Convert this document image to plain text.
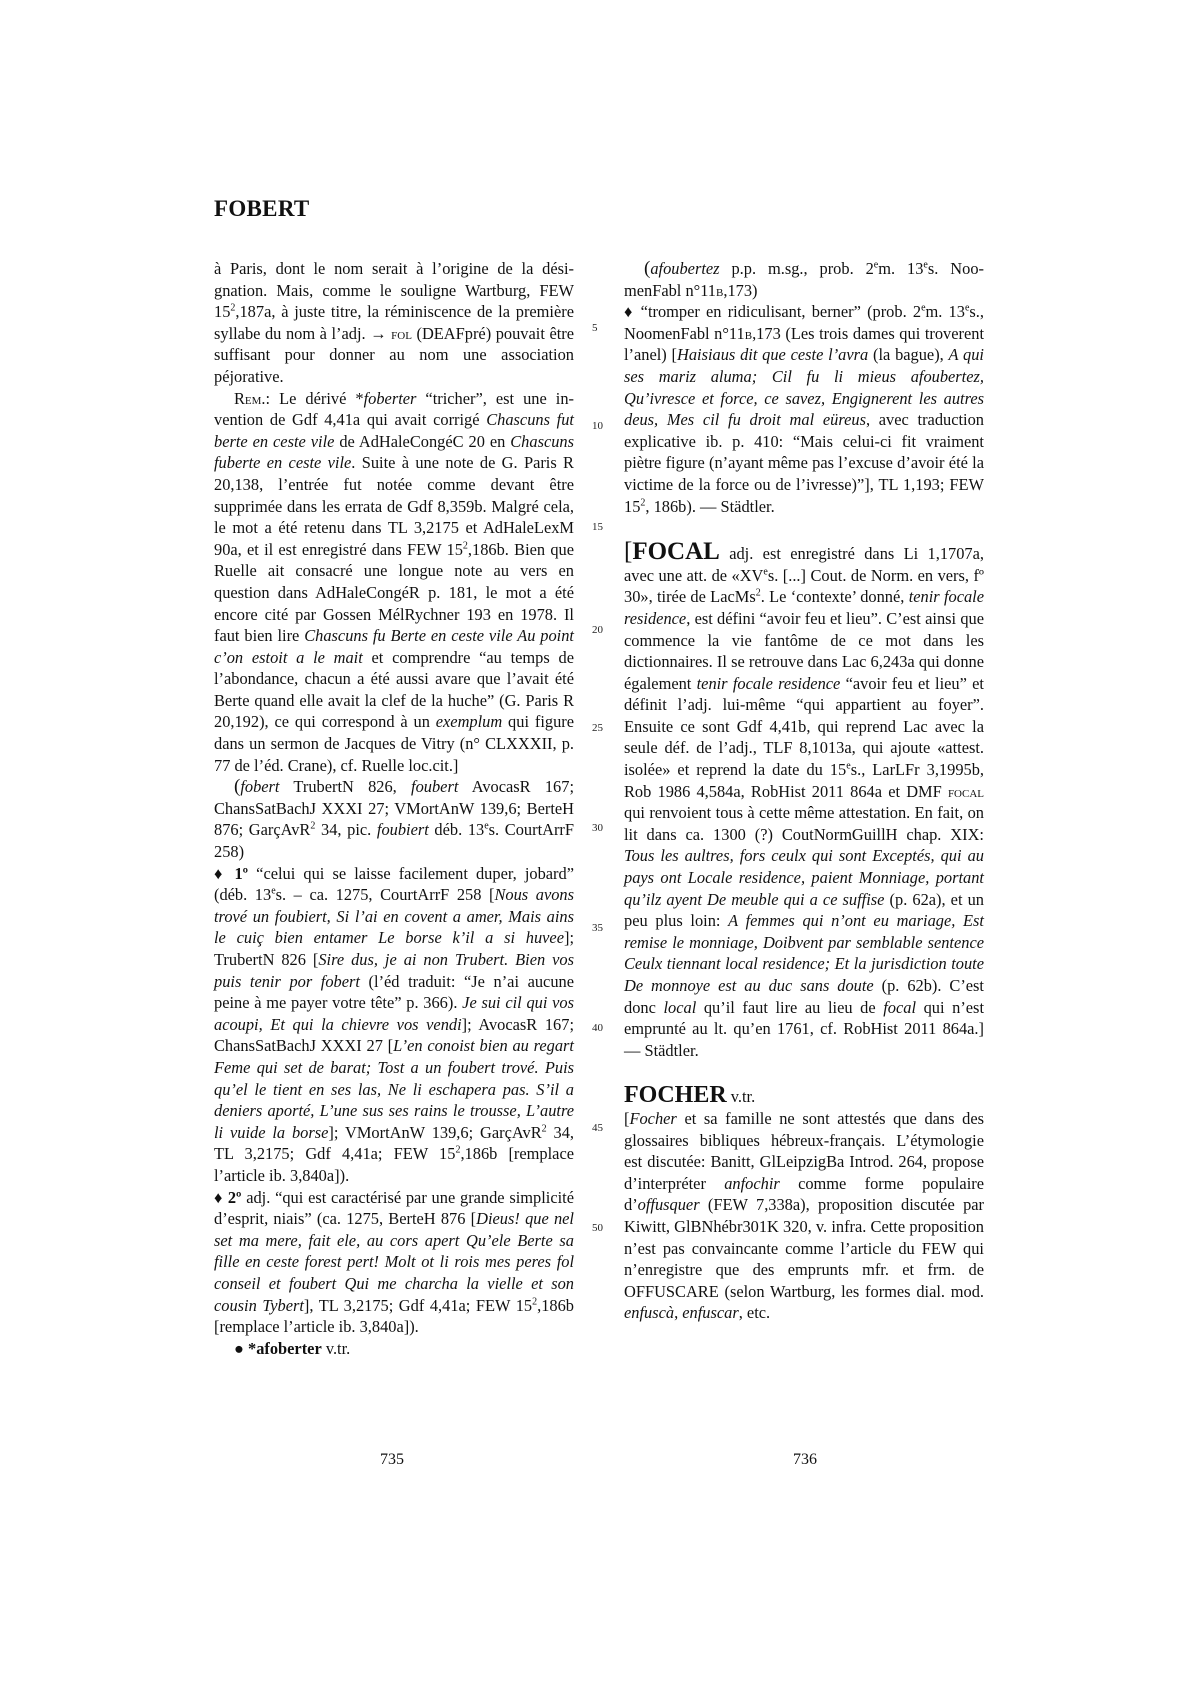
FOBERT
5
10
15
20
25
30
35
40
45
50

à Paris, dont le nom serait à l’origine de la désignation. Mais, comme le souligne Wartburg, FEW $15^2,187a$, à juste titre, la réminiscence de la première syllabe du nom à l’adj. → fol (DEAFpré) pouvait être suffisant pour donner au nom une association péjorative.

Rem.: Le dérivé *foberter “tricher”, est une invention de Gdf 4,41a qui avait corrigé Chascuns fut berte en ceste vile de AdHaleCongéC 20 en Chascuns fuberte en ceste vile. Suite à une note de G. Paris R 20,138, l’entrée fut notée comme devant être supprimée dans les errata de Gdf 8,359b. Malgré cela, le mot a été retenu dans TL 3,2175 et AdHaleLexM 90a, et il est enregistré dans FEW $15^2,186b$. Bien que Ruelle ait consacré une longue note au vers en question dans AdHaleCongéR p. 181, le mot a été encore cité par Gossen MélRychner 193 en 1978. Il faut bien lire Chascuns fu Berte en ceste vile Au point c’on estoit a le mait et comprendre “au temps de l’abondance, chacun a été aussi avare que l’avait été Berte quand elle avait la clef de la huche” (G. Paris R 20,192), ce qui correspond à un exemplum qui figure dans un sermon de Jacques de Vitry (n° CLXXXII, p. 77 de l’éd. Crane), cf. Ruelle loc.cit.]

(fobert TrubertN 826, foubert AvocasR 167; ChansSatBachJ XXXI 27; VMortAnW 139,6; BerteH 876; GarçAvR$^2$ 34, pic. foubiert déb. 13es. CourtArrF 258)

♦ 1º “celui qui se laisse facilement duper, jobard” (déb. 13es. – ca. 1275, CourtArrF 258 [Nous avons trové un foubiert, Si l’ai en covent a amer, Mais ains le cuiç bien entamer Le borse k’il a si huvee]; TrubertN 826 [Sire dus, je ai non Trubert. Bien vos puis tenir por fobert (l’éd traduit: “Je n’ai aucune peine à me payer votre tête” p. 366). Je sui cil qui vos acoupi, Et qui la chievre vos vendi]; AvocasR 167; ChansSatBachJ XXXI 27 [L’en conoist bien au regart Feme qui set de barat; Tost a un foubert trové. Puis qu’el le tient en ses las, Ne li eschapera pas. S’il a deniers aporté, L’une sus ses rains le trousse, L’autre li vuide la borse]; VMortAnW 139,6; GarçAvR$^2$ 34, TL 3,2175; Gdf 4,41a; FEW $15^2,186b$ [remplace l’article ib. 3,840a]).

♦ 2º adj. “qui est caractérisé par une grande simplicité d’esprit, niais” (ca. 1275, BerteH 876 [Dieus! que nel set ma mere, fait ele, au cors apert Qu’ele Berte sa fille en ceste forest pert! Molt ot li rois mes peres fol conseil et foubert Qui me charcha la vielle et son cousin Tybert], TL 3,2175; Gdf 4,41a; FEW $15^2,186b$ [remplace l’article ib. 3,840a]).

● *afoberter v.tr.

(afoubertez p.p. m.sg., prob. 2em. 13es. NoomenFabl n°11b,173)

♦ “tromper en ridiculisant, berner” (prob. 2em. 13es., NoomenFabl n°11b,173 (Les trois dames qui troverent l’anel) [Haisiaus dit que ceste l’avra (la bague), A qui ses mariz aluma; Cil fu li mieus afoubertez, Qu’ivresce et force, ce savez, Engignerent les autres deus, Mes cil fu droit mal eüreus, avec traduction explicative ib. p. 410: “Mais celui-ci fit vraiment piètre figure (n’ayant même pas l’excuse d’avoir été la victime de la force ou de l’ivresse)”], TL 1,193; FEW $15^2$, 186b). — Städtler.

[FOCAL adj. est enregistré dans Li 1,1707a, avec une att. de «XVes. [...] Cout. de Norm. en vers, fº 30», tirée de LacMs$^2$. Le ‘contexte’ donné, tenir focale residence, est défini “avoir feu et lieu”. C’est ainsi que commence la vie fantôme de ce mot dans les dictionnaires. Il se retrouve dans Lac 6,243a qui donne également tenir focale residence “avoir feu et lieu” et définit l’adj. lui-même “qui appartient au foyer”. Ensuite ce sont Gdf 4,41b, qui reprend Lac avec la seule déf. de l’adj., TLF 8,1013a, qui ajoute «attest. isolée» et reprend la date du 15es., LarLFr 3,1995b, Rob 1986 4,584a, RobHist 2011 864a et DMF focal qui renvoient tous à cette même attestation. En fait, on lit dans ca. 1300 (?) CoutNormGuillH chap. XIX: Tous les aultres, fors ceulx qui sont Exceptés, qui au pays ont Locale residence, paient Monniage, portant qu’ilz ayent De meuble qui a ce suffise (p. 62a), et un peu plus loin: A femmes qui n’ont eu mariage, Est remise le monniage, Doibvent par semblable sentence Ceulx tiennant local residence; Et la jurisdiction toute De monnoye est au duc sans doute (p. 62b). C’est donc local qu’il faut lire au lieu de focal qui n’est emprunté au lt. qu’en 1761, cf. RobHist 2011 864a.] — Städtler.

FOCHER v.tr.

[Focher et sa famille ne sont attestés que dans des glossaires bibliques hébreux-français. L’étymologie est discutée: Banitt, GlLeipzigBa Introd. 264, propose d’interpréter anfochir comme forme populaire d’offusquer (FEW 7,338a), proposition discutée par Kiwitt, GlBNhébr301K 320, v. infra. Cette proposition n’est pas convaincante comme l’article du FEW qui n’enregistre que des emprunts mfr. et frm. de OFFUSCARE (selon Wartburg, les formes dial. mod. enfuscà, enfuscar, etc.

735	736
